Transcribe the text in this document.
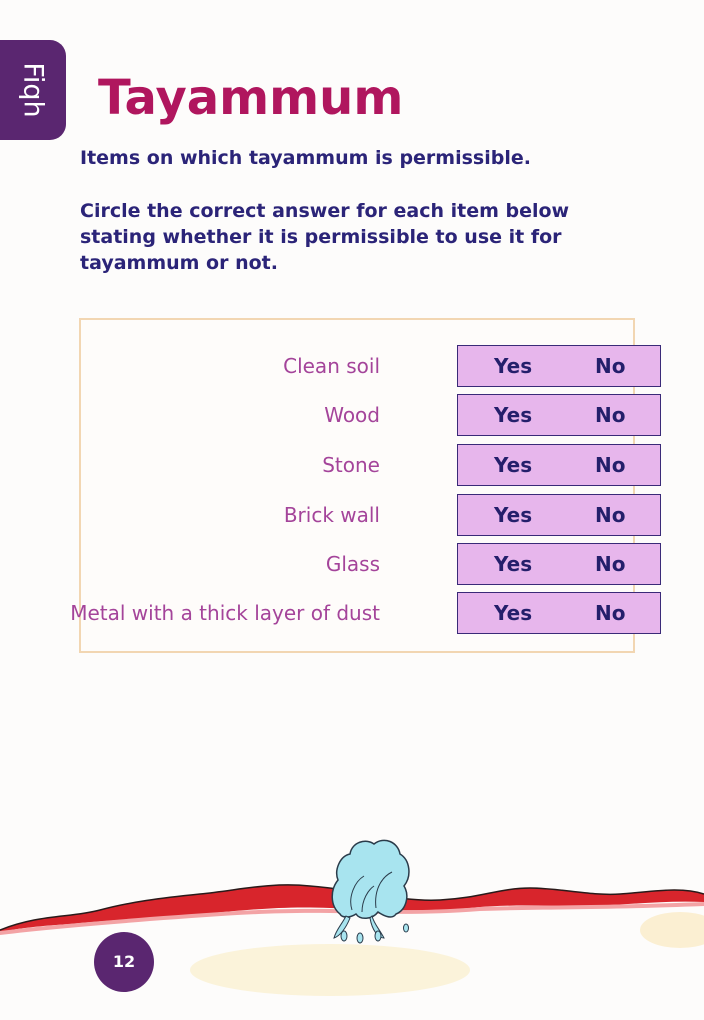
Fiqh Tayammum

Items on which tayammum is permissible.

Circle the correct answer for each item below stating whether it is permissible to use it for tayammum or not.

Clean soil	Yes	No
Wood	Yes	No
Stone	Yes	No
Brick wall	Yes	No
Glass	Yes	No
Metal with a thick layer of dust	Yes	No
12
